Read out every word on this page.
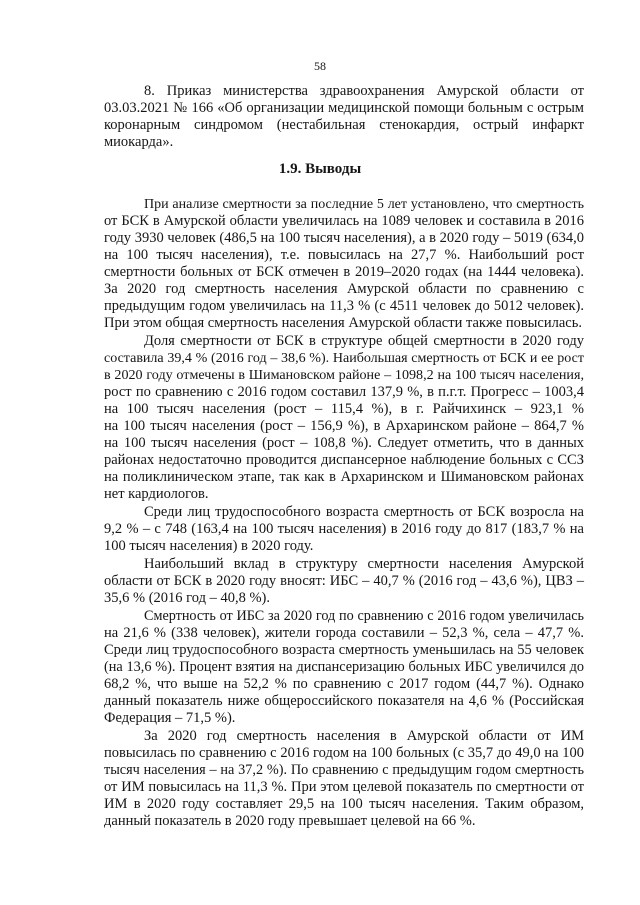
58
1.9. Выводы
8. Приказ министерства здравоохранения Амурской области от
03.03.2021 № 166 «Об организации медицинской помощи больным с острым
коронарным синдромом (нестабильная стенокардия, острый инфаркт
миокарда».
При анализе смертности за последние 5 лет установлено, что смертность
от БСК в Амурской области увеличилась на 1089 человек и составила в 2016
году 3930 человек (486,5 на 100 тысяч населения), а в 2020 году – 5019 (634,0
на 100 тысяч населения), т.е. повысилась на 27,7 %. Наибольший рост
смертности больных от БСК отмечен в 2019–2020 годах (на 1444 человека).
За 2020 год смертность населения Амурской области по сравнению с
предыдущим годом увеличилась на 11,3 % (с 4511 человек до 5012 человек).
При этом общая смертность населения Амурской области также повысилась.
Доля смертности от БСК в структуре общей смертности в 2020 году
составила 39,4 % (2016 год – 38,6 %). Наибольшая смертность от БСК и ее рост
в 2020 году отмечены в Шимановском районе – 1098,2 на 100 тысяч населения,
рост по сравнению с 2016 годом составил 137,9 %, в п.г.т. Прогресс – 1003,4
на 100 тысяч населения (рост – 115,4 %), в г. Райчихинск – 923,1 %
на 100 тысяч населения (рост – 156,9 %), в Архаринском районе – 864,7 %
на 100 тысяч населения (рост – 108,8 %). Следует отметить, что в данных
районах недостаточно проводится диспансерное наблюдение больных с ССЗ
на поликлиническом этапе, так как в Архаринском и Шимановском районах
нет кардиологов.
Среди лиц трудоспособного возраста смертность от БСК возросла на
9,2 % – с 748 (163,4 на 100 тысяч населения) в 2016 году до 817 (183,7 % на
100 тысяч населения) в 2020 году.
Наибольший вклад в структуру смертности населения Амурской
области от БСК в 2020 году вносят: ИБС – 40,7 % (2016 год – 43,6 %), ЦВЗ –
35,6 % (2016 год – 40,8 %).
Смертность от ИБС за 2020 год по сравнению с 2016 годом увеличилась
на 21,6 % (338 человек), жители города составили – 52,3 %, села – 47,7 %.
Среди лиц трудоспособного возраста смертность уменьшилась на 55 человек
(на 13,6 %). Процент взятия на диспансеризацию больных ИБС увеличился до
68,2 %, что выше на 52,2 % по сравнению с 2017 годом (44,7 %). Однако
данный показатель ниже общероссийского показателя на 4,6 % (Российская
Федерация – 71,5 %).
За 2020 год смертность населения в Амурской области от ИМ
повысилась по сравнению с 2016 годом на 100 больных (с 35,7 до 49,0 на 100
тысяч населения – на 37,2 %). По сравнению с предыдущим годом смертность
от ИМ повысилась на 11,3 %. При этом целевой показатель по смертности от
ИМ в 2020 году составляет 29,5 на 100 тысяч населения. Таким образом,
данный показатель в 2020 году превышает целевой на 66 %.
